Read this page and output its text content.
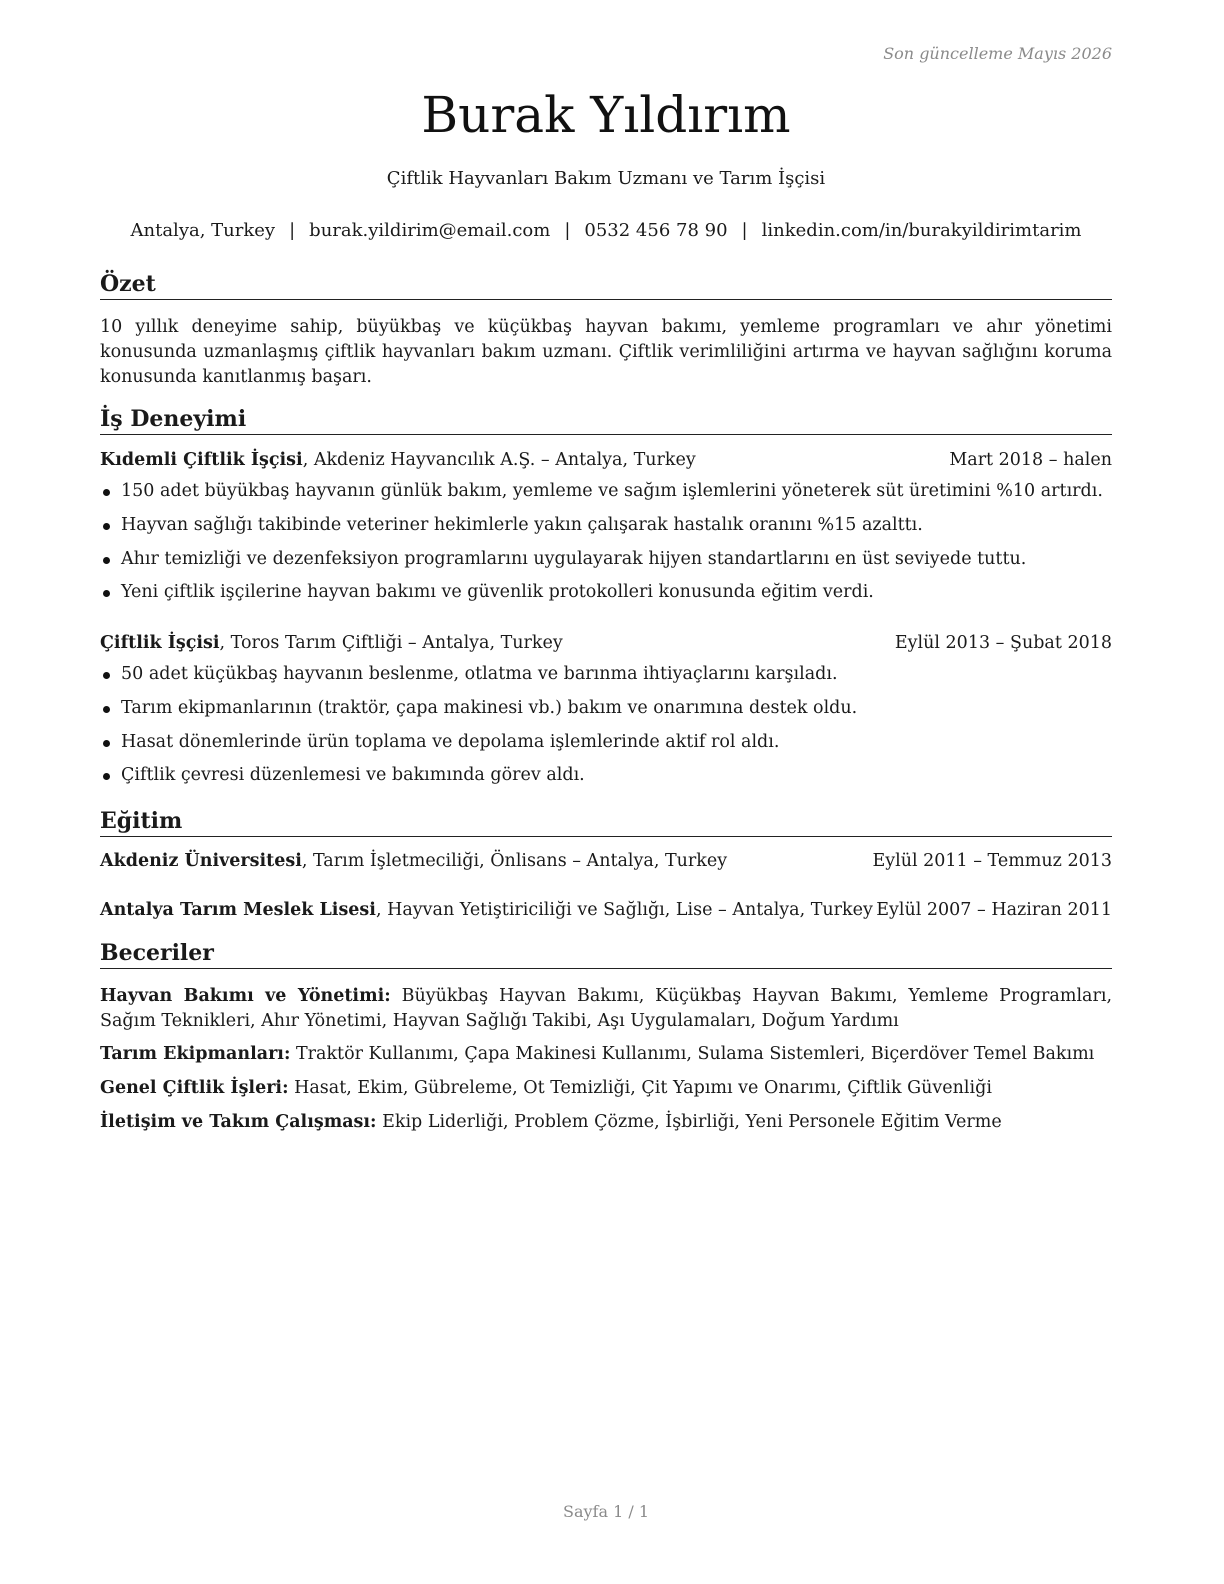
Son güncelleme Mayıs 2026
Burak Yıldırım
Çiftlik Hayvanları Bakım Uzmanı ve Tarım İşçisi
Antalya, Turkey | burak.yildirim@email.com | 0532 456 78 90 | linkedin.com/in/burakyildirimtarim
Özet
10 yıllık deneyime sahip, büyükbaş ve küçükbaş hayvan bakımı, yemleme programları ve ahır yönetimi konusunda uzmanlaşmış çiftlik hayvanları bakım uzmanı. Çiftlik verimliliğini artırma ve hayvan sağlığını koruma konusunda kanıtlanmış başarı.
İş Deneyimi
Kıdemli Çiftlik İşçisi, Akdeniz Hayvancılık A.Ş. – Antalya, Turkey	Mart 2018 – halen
150 adet büyükbaş hayvanın günlük bakım, yemleme ve sağım işlemlerini yöneterek süt üretimini %10 artırdı.
Hayvan sağlığı takibinde veteriner hekimlerle yakın çalışarak hastalık oranını %15 azalttı.
Ahır temizliği ve dezenfeksiyon programlarını uygulayarak hijyen standartlarını en üst seviyede tuttu.
Yeni çiftlik işçilerine hayvan bakımı ve güvenlik protokolleri konusunda eğitim verdi.
Çiftlik İşçisi, Toros Tarım Çiftliği – Antalya, Turkey	Eylül 2013 – Şubat 2018
50 adet küçükbaş hayvanın beslenme, otlatma ve barınma ihtiyaçlarını karşıladı.
Tarım ekipmanlarının (traktör, çapa makinesi vb.) bakım ve onarımına destek oldu.
Hasat dönemlerinde ürün toplama ve depolama işlemlerinde aktif rol aldı.
Çiftlik çevresi düzenlemesi ve bakımında görev aldı.
Eğitim
Akdeniz Üniversitesi, Tarım İşletmeciliği, Önlisans – Antalya, Turkey	Eylül 2011 – Temmuz 2013
Antalya Tarım Meslek Lisesi, Hayvan Yetiştiriciliği ve Sağlığı, Lise – Antalya, Turkey Eylül 2007 – Haziran 2011
Beceriler
Hayvan Bakımı ve Yönetimi: Büyükbaş Hayvan Bakımı, Küçükbaş Hayvan Bakımı, Yemleme Programları, Sağım Teknikleri, Ahır Yönetimi, Hayvan Sağlığı Takibi, Aşı Uygulamaları, Doğum Yardımı
Tarım Ekipmanları: Traktör Kullanımı, Çapa Makinesi Kullanımı, Sulama Sistemleri, Biçerdöver Temel Bakımı
Genel Çiftlik İşleri: Hasat, Ekim, Gübreleme, Ot Temizliği, Çit Yapımı ve Onarımı, Çiftlik Güvenliği
İletişim ve Takım Çalışması: Ekip Liderliği, Problem Çözme, İşbirliği, Yeni Personele Eğitim Verme
Sayfa 1 / 1
